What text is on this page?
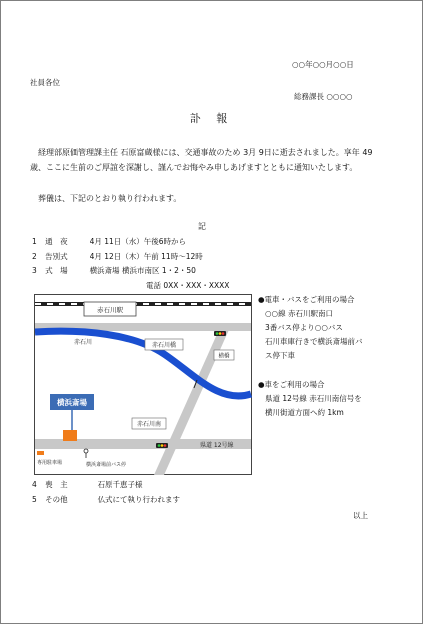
○○年○○月○○日
社員各位
総務課長 ○○○○
訃 報
経理部原価管理課主任 石原富蔵様には、交通事故のため 3月 9日に逝去されました。享年 49歳、ここに生前のご厚誼を深謝し、謹んでお悔やみ申しあげますとともに通知いたします。
葬儀は、下記のとおり執り行われます。
記
1 通　夜	4月 11日（水）午後6時から
2 告別式	4月 12日（木）午前 11時〜12時
3 式　場	横浜斎場 横浜市南区 1・2・50
電話 0XX・XXX・XXXX
赤石川駅
赤石川	赤石川橋
横橋
赤石川南
県道 12号線
横浜斎場
専用駐車場	横浜斎場前バス停
●電車・バスをご利用の場合
○○線 赤石川駅南口
3番バス停より○○バス
石川車庫行きで横浜斎場前バ
ス停下車
●車をご利用の場合
県道 12号線 赤石川南信号を
横川街道方面へ約 1km
4 喪　主	石原千恵子様
5 その他	仏式にて執り行われます
以上
